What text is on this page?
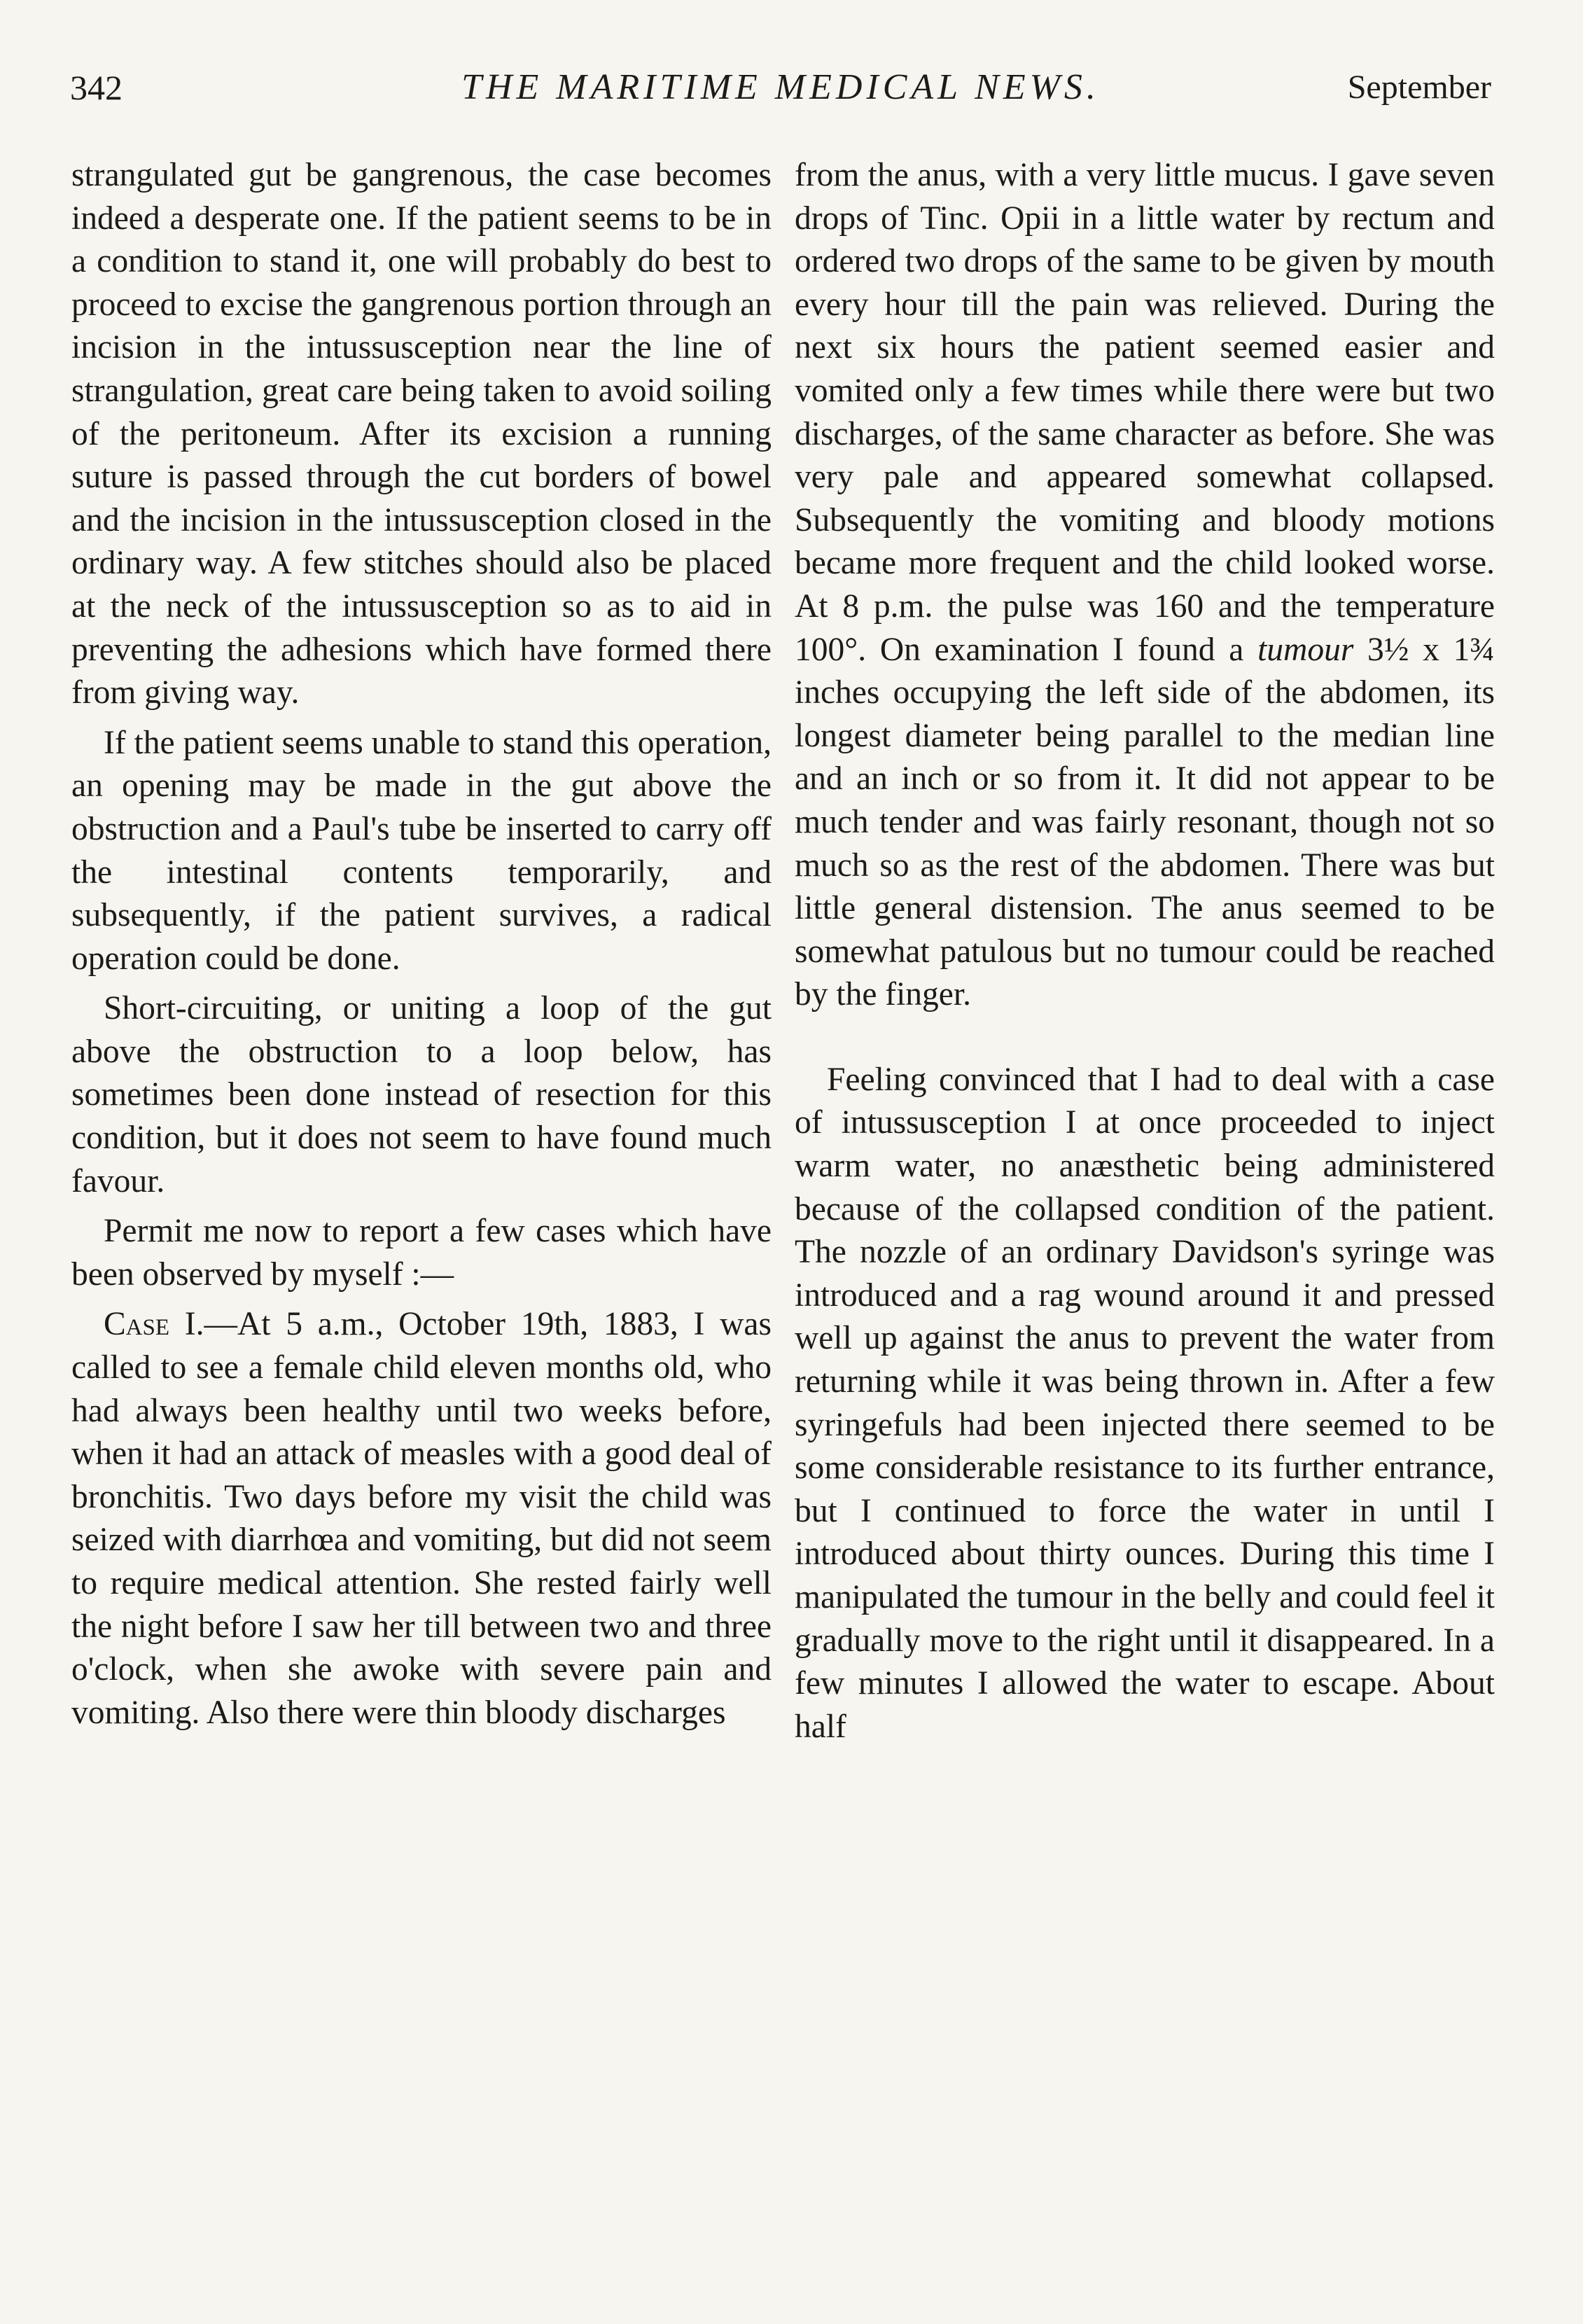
342	THE MARITIME MEDICAL NEWS.	September

strangulated gut be gangrenous, the case becomes indeed a desperate one. If the patient seems to be in a condition to stand it, one will probably do best to proceed to excise the gangrenous portion through an incision in the intussusception near the line of strangulation, great care being taken to avoid soiling of the peritoneum. After its excision a running suture is passed through the cut borders of bowel and the incision in the intussusception closed in the ordinary way. A few stitches should also be placed at the neck of the intussusception so as to aid in preventing the adhesions which have formed there from giving way.

If the patient seems unable to stand this operation, an opening may be made in the gut above the obstruction and a Paul's tube be inserted to carry off the intestinal contents temporarily, and subsequently, if the patient survives, a radical operation could be done.

Short-circuiting, or uniting a loop of the gut above the obstruction to a loop below, has sometimes been done instead of resection for this condition, but it does not seem to have found much favour.

Permit me now to report a few cases which have been observed by myself :—

Case I.—At 5 a.m., October 19th, 1883, I was called to see a female child eleven months old, who had always been healthy until two weeks before, when it had an attack of measles with a good deal of bronchitis. Two days before my visit the child was seized with diarrhœa and vomiting, but did not seem to require medical attention. She rested fairly well the night before I saw her till between two and three o'clock, when she awoke with severe pain and vomiting. Also there were thin bloody discharges

from the anus, with a very little mucus. I gave seven drops of Tinc. Opii in a little water by rectum and ordered two drops of the same to be given by mouth every hour till the pain was relieved. During the next six hours the patient seemed easier and vomited only a few times while there were but two discharges, of the same character as before. She was very pale and appeared somewhat collapsed. Subsequently the vomiting and bloody motions became more frequent and the child looked worse. At 8 p.m. the pulse was 160 and the temperature 100°. On examination I found a tumour 3½ x 1¾ inches occupying the left side of the abdomen, its longest diameter being parallel to the median line and an inch or so from it. It did not appear to be much tender and was fairly resonant, though not so much so as the rest of the abdomen. There was but little general distension. The anus seemed to be somewhat patulous but no tumour could be reached by the finger.

Feeling convinced that I had to deal with a case of intussusception I at once proceeded to inject warm water, no anæsthetic being administered because of the collapsed condition of the patient. The nozzle of an ordinary Davidson's syringe was introduced and a rag wound around it and pressed well up against the anus to prevent the water from returning while it was being thrown in. After a few syringefuls had been injected there seemed to be some considerable resistance to its further entrance, but I continued to force the water in until I introduced about thirty ounces. During this time I manipulated the tumour in the belly and could feel it gradually move to the right until it disappeared. In a few minutes I allowed the water to escape. About half
